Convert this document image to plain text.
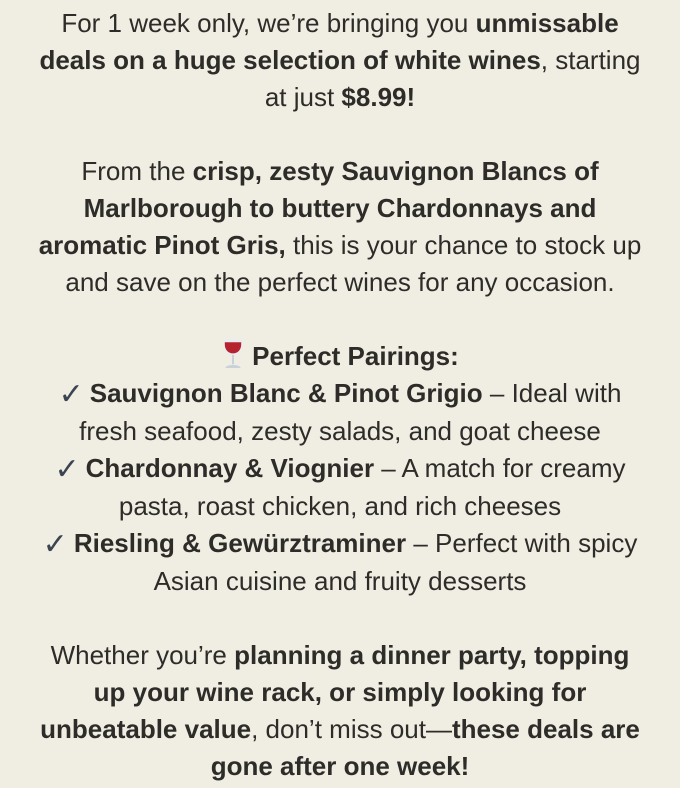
For 1 week only, we’re bringing you unmissable deals on a huge selection of white wines, starting at just $8.99!

From the crisp, zesty Sauvignon Blancs of Marlborough to buttery Chardonnays and aromatic Pinot Gris, this is your chance to stock up and save on the perfect wines for any occasion.

Perfect Pairings:
✓ Sauvignon Blanc & Pinot Grigio – Ideal with fresh seafood, zesty salads, and goat cheese
✓ Chardonnay & Viognier – A match for creamy pasta, roast chicken, and rich cheeses
✓ Riesling & Gewürztraminer – Perfect with spicy Asian cuisine and fruity desserts

Whether you’re planning a dinner party, topping up your wine rack, or simply looking for unbeatable value, don’t miss out—these deals are gone after one week!
